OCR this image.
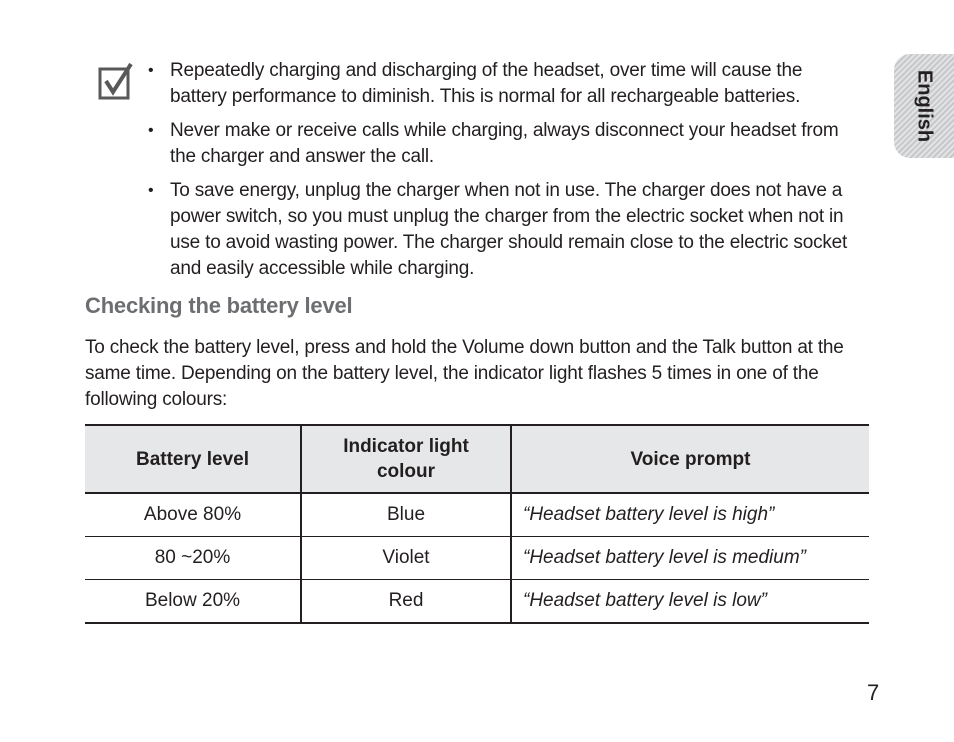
• Repeatedly charging and discharging of the headset, over time will cause the battery performance to diminish. This is normal for all rechargeable batteries.
• Never make or receive calls while charging, always disconnect your headset from the charger and answer the call.
• To save energy, unplug the charger when not in use. The charger does not have a power switch, so you must unplug the charger from the electric socket when not in use to avoid wasting power. The charger should remain close to the electric socket and easily accessible while charging.
Checking the battery level

To check the battery level, press and hold the Volume down button and the Talk button at the same time. Depending on the battery level, the indicator light flashes 5 times in one of the following colours:

Battery level	Indicator light colour	Voice prompt
Above 80%	Blue	“Headset battery level is high”
80 ~20%	Violet	“Headset battery level is medium”
Below 20%	Red	“Headset battery level is low”
English
7
